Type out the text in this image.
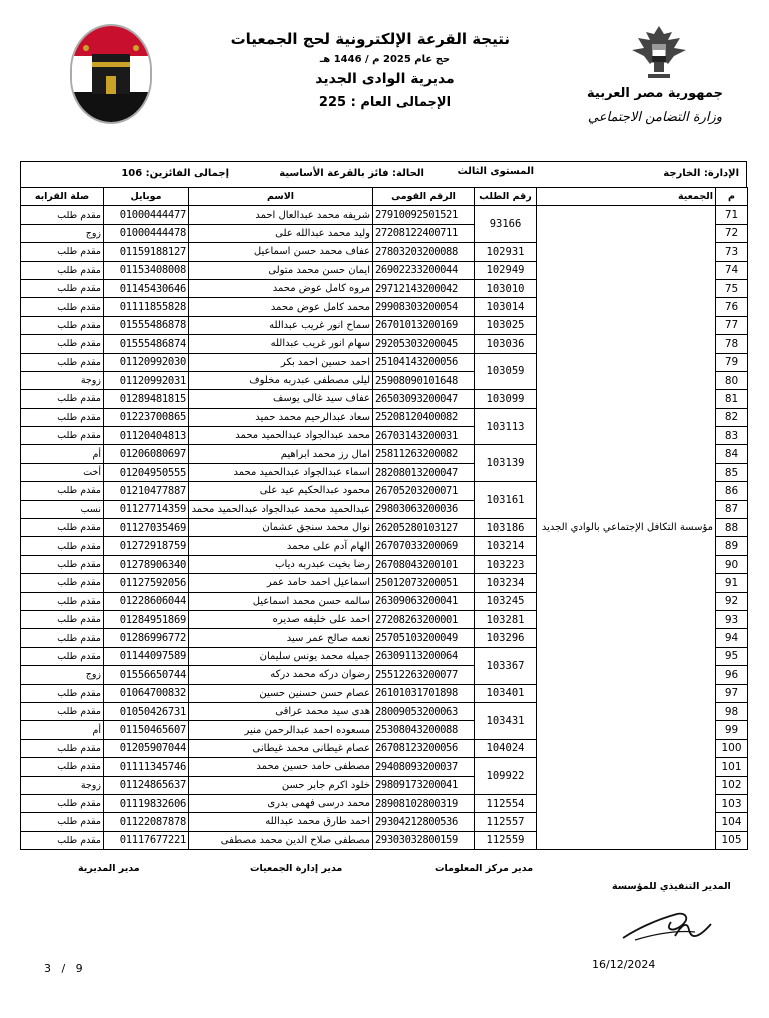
نتيجة القرعة الإلكترونية لحج الجمعيات
حج عام 2025 م / 1446 هـ
مديرية الوادى الجديد
الإجمالى العام : 225
جمهورية مصر العربية
وزارة التضامن الاجتماعي
الإدارة: الخارجة
المستوى الثالث
الحالة: فائز بالقرعة الأساسية
إجمالى الفائزين: 106
م	الجمعية	رقم الطلب	الرقم القومى	الاسم	موبايل	صلة القرابه
71	مؤسسة التكافل الإجتماعي بالوادي الجديد	93166	27910092501521	شريفه محمد عبدالعال احمد	01000444477	مقدم طلب
72			27208122400711	وليد محمد عبدالله على	01000444478	زوج
73		102931	27803203200088	عفاف محمد حسن اسماعيل	01159188127	مقدم طلب
74		102949	26902233200044	ايمان حسن محمد متولى	01153408008	مقدم طلب
75		103010	29712143200042	مروه كامل عوض محمد	01145430646	مقدم طلب
76		103014	29908303200054	محمد كامل عوض محمد	01111855828	مقدم طلب
77		103025	26701013200169	سماح انور غريب عبدالله	01555486878	مقدم طلب
78		103036	29205303200045	سهام انور غريب عبدالله	01555486874	مقدم طلب
79		103059	25104143200056	احمد حسين احمد بكر	01120992030	مقدم طلب
80			25908090101648	ليلى مصطفى عبدربه مخلوف	01120992031	زوجة
81		103099	26503093200047	عفاف سيد غالى يوسف	01289481815	مقدم طلب
82		103113	25208120400082	سعاد عبدالرحيم محمد حميد	01223700865	مقدم طلب
83			26703143200031	محمد عبدالجواد عبدالحميد محمد	01120404813	مقدم طلب
84		103139	25811263200082	امال رز محمد ابراهيم	01206080697	أم
85			28208013200047	اسماء عبدالجواد عبدالحميد محمد	01204950555	أخت
86		103161	26705203200071	محمود عبدالحكيم عيد على	01210477887	مقدم طلب
87			29803063200036	عبدالحميد محمد عبدالجواد عبدالحميد محمد	01127714359	نسب
88		103186	26205280103127	نوال محمد سنجق عشمان	01127035469	مقدم طلب
89		103214	26707033200069	الهام آدم على محمد	01272918759	مقدم طلب
90		103223	26708043200101	رضا بخيت عبدربه دياب	01278906340	مقدم طلب
91		103234	25012073200051	اسماعيل احمد حامد عمر	01127592056	مقدم طلب
92		103245	26309063200041	سالمه حسن محمد اسماعيل	01228606044	مقدم طلب
93		103281	27208263200001	احمد على خليفه صديره	01284951869	مقدم طلب
94		103296	25705103200049	نعمه صالح عمر سيد	01286996772	مقدم طلب
95		103367	26309113200064	جميله محمد يونس سليمان	01144097589	مقدم طلب
96			25512263200077	رضوان دركه محمد دركه	01556650744	زوج
97		103401	26101031701898	عصام حسن حسنين حسين	01064700832	مقدم طلب
98		103431	28009053200063	هدى سيد محمد عراقى	01050426731	مقدم طلب
99			25308043200088	مسعوده احمد عبدالرحمن منير	01150465607	أم
100		104024	26708123200056	عصام غيطانى محمد غيطانى	01205907044	مقدم طلب
101		109922	29408093200037	مصطفى حامد حسين محمد	01111345746	مقدم طلب
102			29809173200041	خلود اكرم جابر حسن	01124865637	زوجة
103		112554	28908102800319	محمد درسى فهمى بدرى	01119832606	مقدم طلب
104		112557	29304212800536	احمد طارق محمد عبدالله	01122087878	مقدم طلب
105		112559	29303032800159	مصطفى صلاح الدين محمد مصطفى	01117677221	مقدم طلب
مدير المديرية	مدير إدارة الجمعيات	مدير مركز المعلومات
المدير التنفيذي للمؤسسة
3   /   9	16/12/2024
